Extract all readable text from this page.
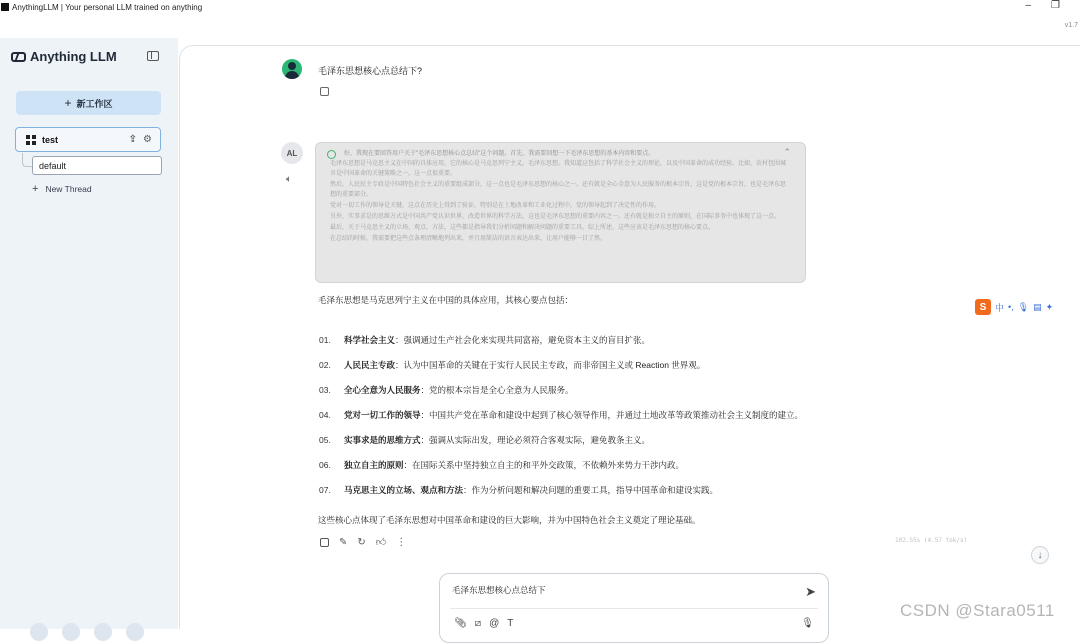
AnythingLLM | Your personal LLM trained on anything	– ❐
v1.7
Anything LLM
+ 新工作区
test	⇪ ⚙
default
+ New Thread
毛泽东思想核心点总结下?
AL
🔈︎
好，我现在要回答用户关于"毛泽东思想核心点总结"这个问题。首先，我需要回想一下毛泽东思想的基本内容和要点。	⌃

毛泽东思想是马克思主义在中国的具体应用，它的核心是马克思列宁主义，毛泽东思想。我知道这包括了科学社会主义的理论，以及中国革命的成功经验。比如，农村包围城市是中国革命的关键策略之一，这一点很重要。

然后，人民民主专政是中国特色社会主义的重要组成部分，这一点也是毛泽东思想的核心之一。还有就是全心全意为人民服务的根本宗旨，这是党的根本宗旨，也是毛泽东思想的重要部分。

党对一切工作的领导是关键，这点在历史上得到了验证，特别是在土地改革和工业化过程中，党的领导起到了决定性的作用。

另外，实事求是的思维方式是中国共产党认识世界、改造世界的科学方法，这也是毛泽东思想的重要内容之一。还有就是独立自主的原则，在国际事务中也体现了这一点。

最后，关于马克思主义的立场、观点、方法，这些都是指导我们分析问题和解决问题的重要工具。综上所述，这些应该是毛泽东思想的核心要点。

在总结的时候，我需要把这些点条理清晰地列出来，并且用简洁的语言表达出来，让用户能够一目了然。

毛泽东思想是马克思列宁主义在中国的具体应用，其核心要点包括：
01.	科学社会主义 ：强调通过生产社会化来实现共同富裕，避免资本主义的盲目扩张。
02.	人民民主专政 ：认为中国革命的关键在于实行人民民主专政，而非帝国主义或 Reaction 世界观。
03.	全心全意为人民服务 ：党的根本宗旨是全心全意为人民服务。
04.	党对一切工作的领导 ：中国共产党在革命和建设中起到了核心领导作用，并通过土地改革等政策推动社会主义制度的建立。
05.	实事求是的思维方式 ：强调从实际出发，理论必须符合客观实际，避免教条主义。
06.	独立自主的原则 ：在国际关系中坚持独立自主的和平外交政策，不依赖外来势力干涉内政。
07.	马克思主义的立场、观点和方法 ：作为分析问题和解决问题的重要工具，指导中国革命和建设实践。
这些核心点体现了毛泽东思想对中国革命和建设的巨大影响，并为中国特色社会主义奠定了理论基础。
✎ ↻ 👍︎ ⋮	102.55s (4.57 tok/s)
↓
S 中 •, 🎙︎ ▤ ✦
毛泽东思想核心点总结下	➤
📎︎ ⧄ @ T	🎙︎
CSDN @Stara0511
